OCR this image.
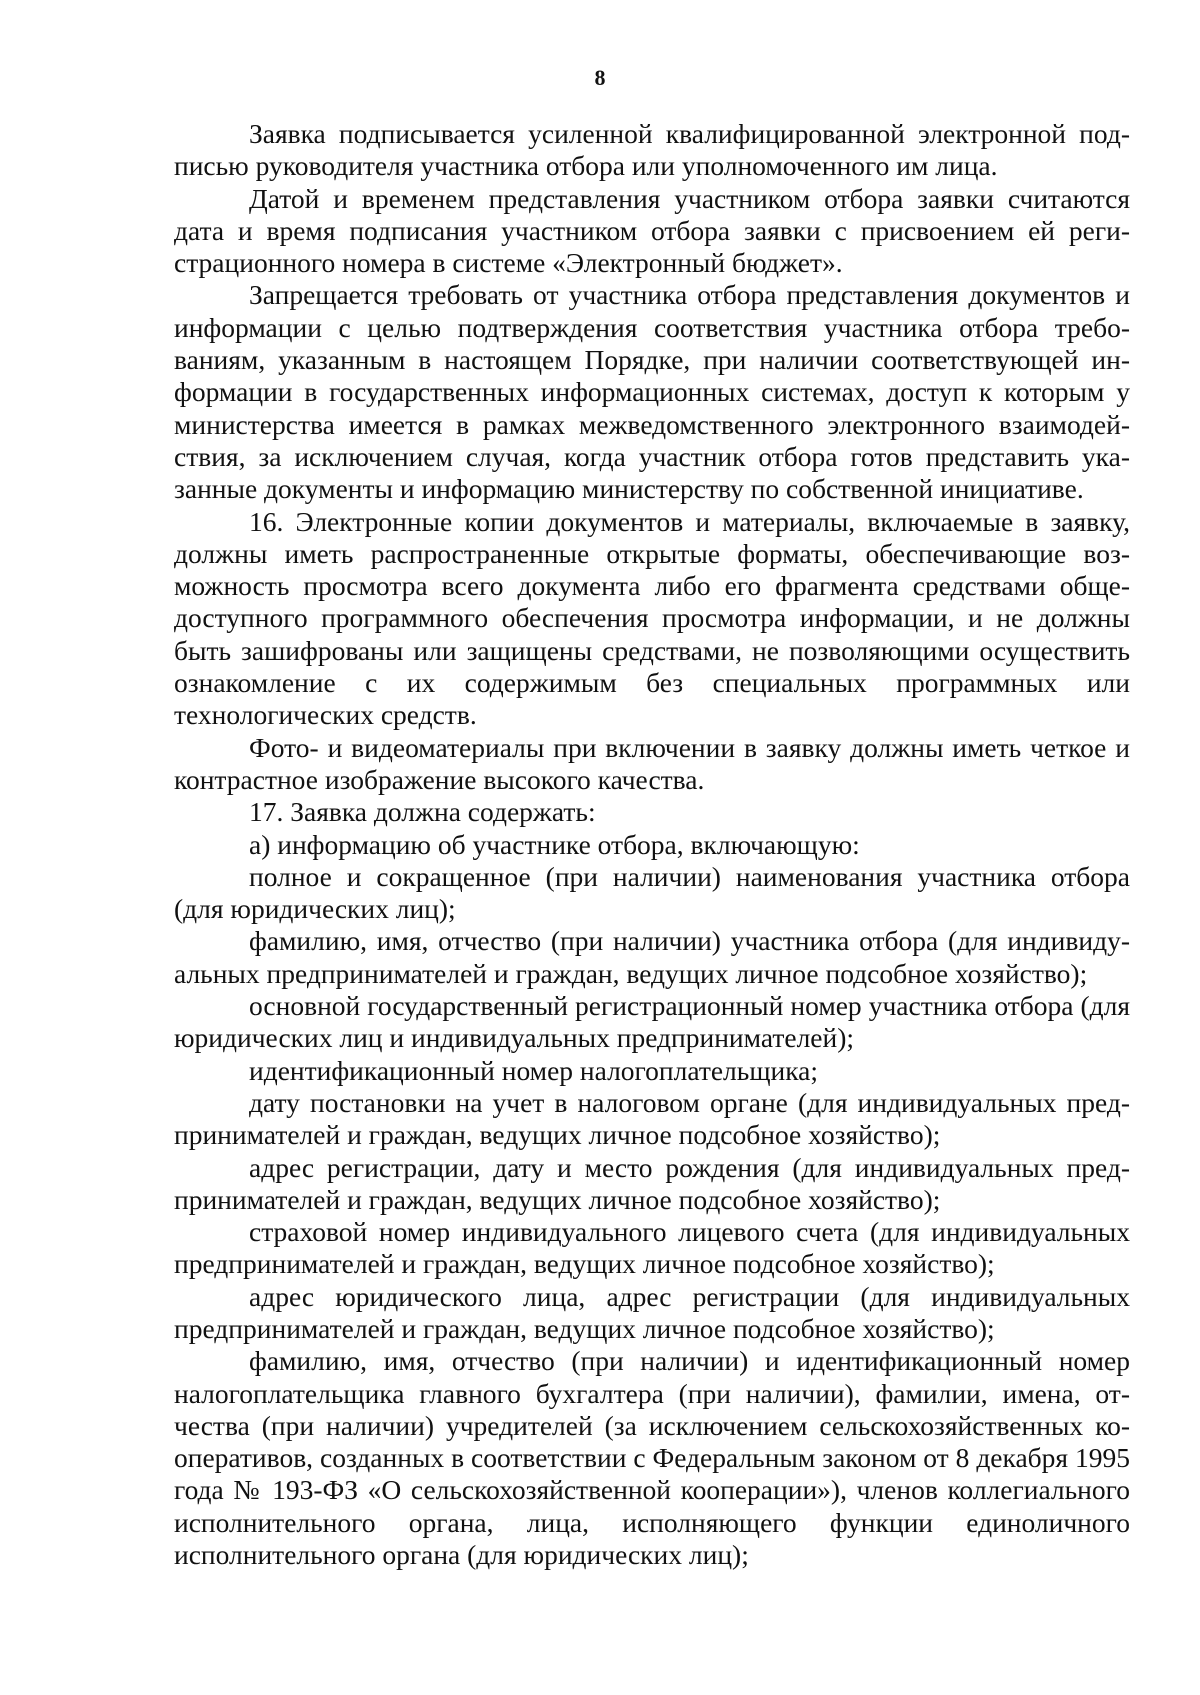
8

Заявка подписывается усиленной квалифицированной электронной подписью руководителя участника отбора или уполномоченного им лица.

Датой и временем представления участником отбора заявки считаются дата и время подписания участником отбора заявки с присвоением ей регистрационного номера в системе «Электронный бюджет».

Запрещается требовать от участника отбора представления документов и информации с целью подтверждения соответствия участника отбора требованиям, указанным в настоящем Порядке, при наличии соответствующей информации в государственных информационных системах, доступ к которым у министерства имеется в рамках межведомственного электронного взаимодействия, за исключением случая, когда участник отбора готов представить указанные документы и информацию министерству по собственной инициативе.

16. Электронные копии документов и материалы, включаемые в заявку, должны иметь распространенные открытые форматы, обеспечивающие возможность просмотра всего документа либо его фрагмента средствами общедоступного программного обеспечения просмотра информации, и не должны быть зашифрованы или защищены средствами, не позволяющими осуществить ознакомление с их содержимым без специальных программных или технологических средств.

Фото- и видеоматериалы при включении в заявку должны иметь четкое и контрастное изображение высокого качества.

17. Заявка должна содержать:

а) информацию об участнике отбора, включающую:

полное и сокращенное (при наличии) наименования участника отбора (для юридических лиц);

фамилию, имя, отчество (при наличии) участника отбора (для индивидуальных предпринимателей и граждан, ведущих личное подсобное хозяйство);

основной государственный регистрационный номер участника отбора (для юридических лиц и индивидуальных предпринимателей);

идентификационный номер налогоплательщика;

дату постановки на учет в налоговом органе (для индивидуальных предпринимателей и граждан, ведущих личное подсобное хозяйство);

адрес регистрации, дату и место рождения (для индивидуальных предпринимателей и граждан, ведущих личное подсобное хозяйство);

страховой номер индивидуального лицевого счета (для индивидуальных предпринимателей и граждан, ведущих личное подсобное хозяйство);

адрес юридического лица, адрес регистрации (для индивидуальных предпринимателей и граждан, ведущих личное подсобное хозяйство);

фамилию, имя, отчество (при наличии) и идентификационный номер налогоплательщика главного бухгалтера (при наличии), фамилии, имена, отчества (при наличии) учредителей (за исключением сельскохозяйственных кооперативов, созданных в соответствии с Федеральным законом от 8 декабря 1995 года № 193-ФЗ «О сельскохозяйственной кооперации»), членов коллегиального исполнительного органа, лица, исполняющего функции единоличного исполнительного органа (для юридических лиц);
